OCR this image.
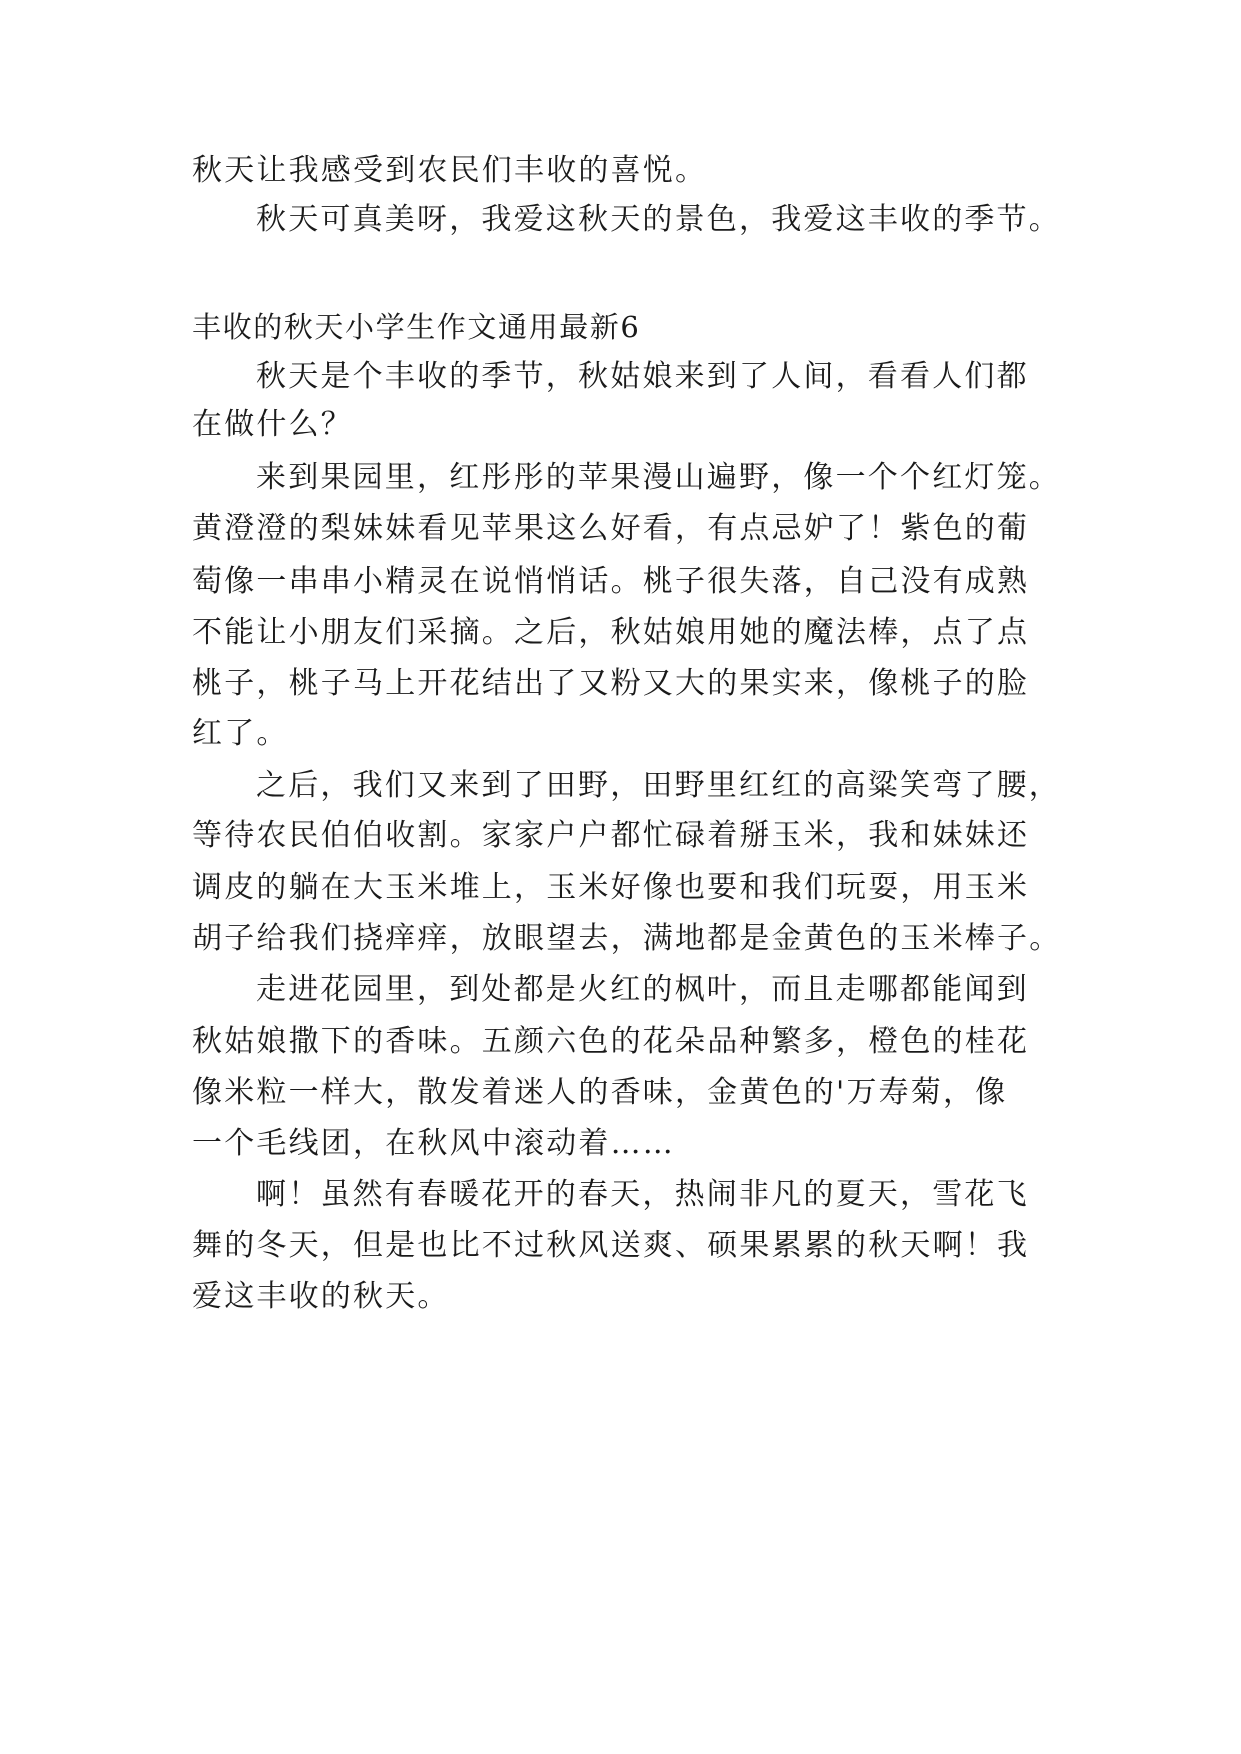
秋天让我感受到农民们丰收的喜悦。
秋天可真美呀，我爱这秋天的景色，我爱这丰收的季节。
丰收的秋天小学生作文通用最新6
秋天是个丰收的季节，秋姑娘来到了人间，看看人们都
在做什么？
来到果园里，红彤彤的苹果漫山遍野，像一个个红灯笼。
黄澄澄的梨妹妹看见苹果这么好看，有点忌妒了！紫色的葡
萄像一串串小精灵在说悄悄话。桃子很失落，自己没有成熟
不能让小朋友们采摘。之后，秋姑娘用她的魔法棒，点了点
桃子，桃子马上开花结出了又粉又大的果实来，像桃子的脸
红了。
之后，我们又来到了田野，田野里红红的高粱笑弯了腰，
等待农民伯伯收割。家家户户都忙碌着掰玉米，我和妹妹还
调皮的躺在大玉米堆上，玉米好像也要和我们玩耍，用玉米
胡子给我们挠痒痒，放眼望去，满地都是金黄色的玉米棒子。
走进花园里，到处都是火红的枫叶，而且走哪都能闻到
秋姑娘撒下的香味。五颜六色的花朵品种繁多，橙色的桂花
像米粒一样大，散发着迷人的香味，金黄色的'万寿菊，像
一个毛线团，在秋风中滚动着……
啊！虽然有春暖花开的春天，热闹非凡的夏天，雪花飞
舞的冬天，但是也比不过秋风送爽、硕果累累的秋天啊！我
爱这丰收的秋天。
